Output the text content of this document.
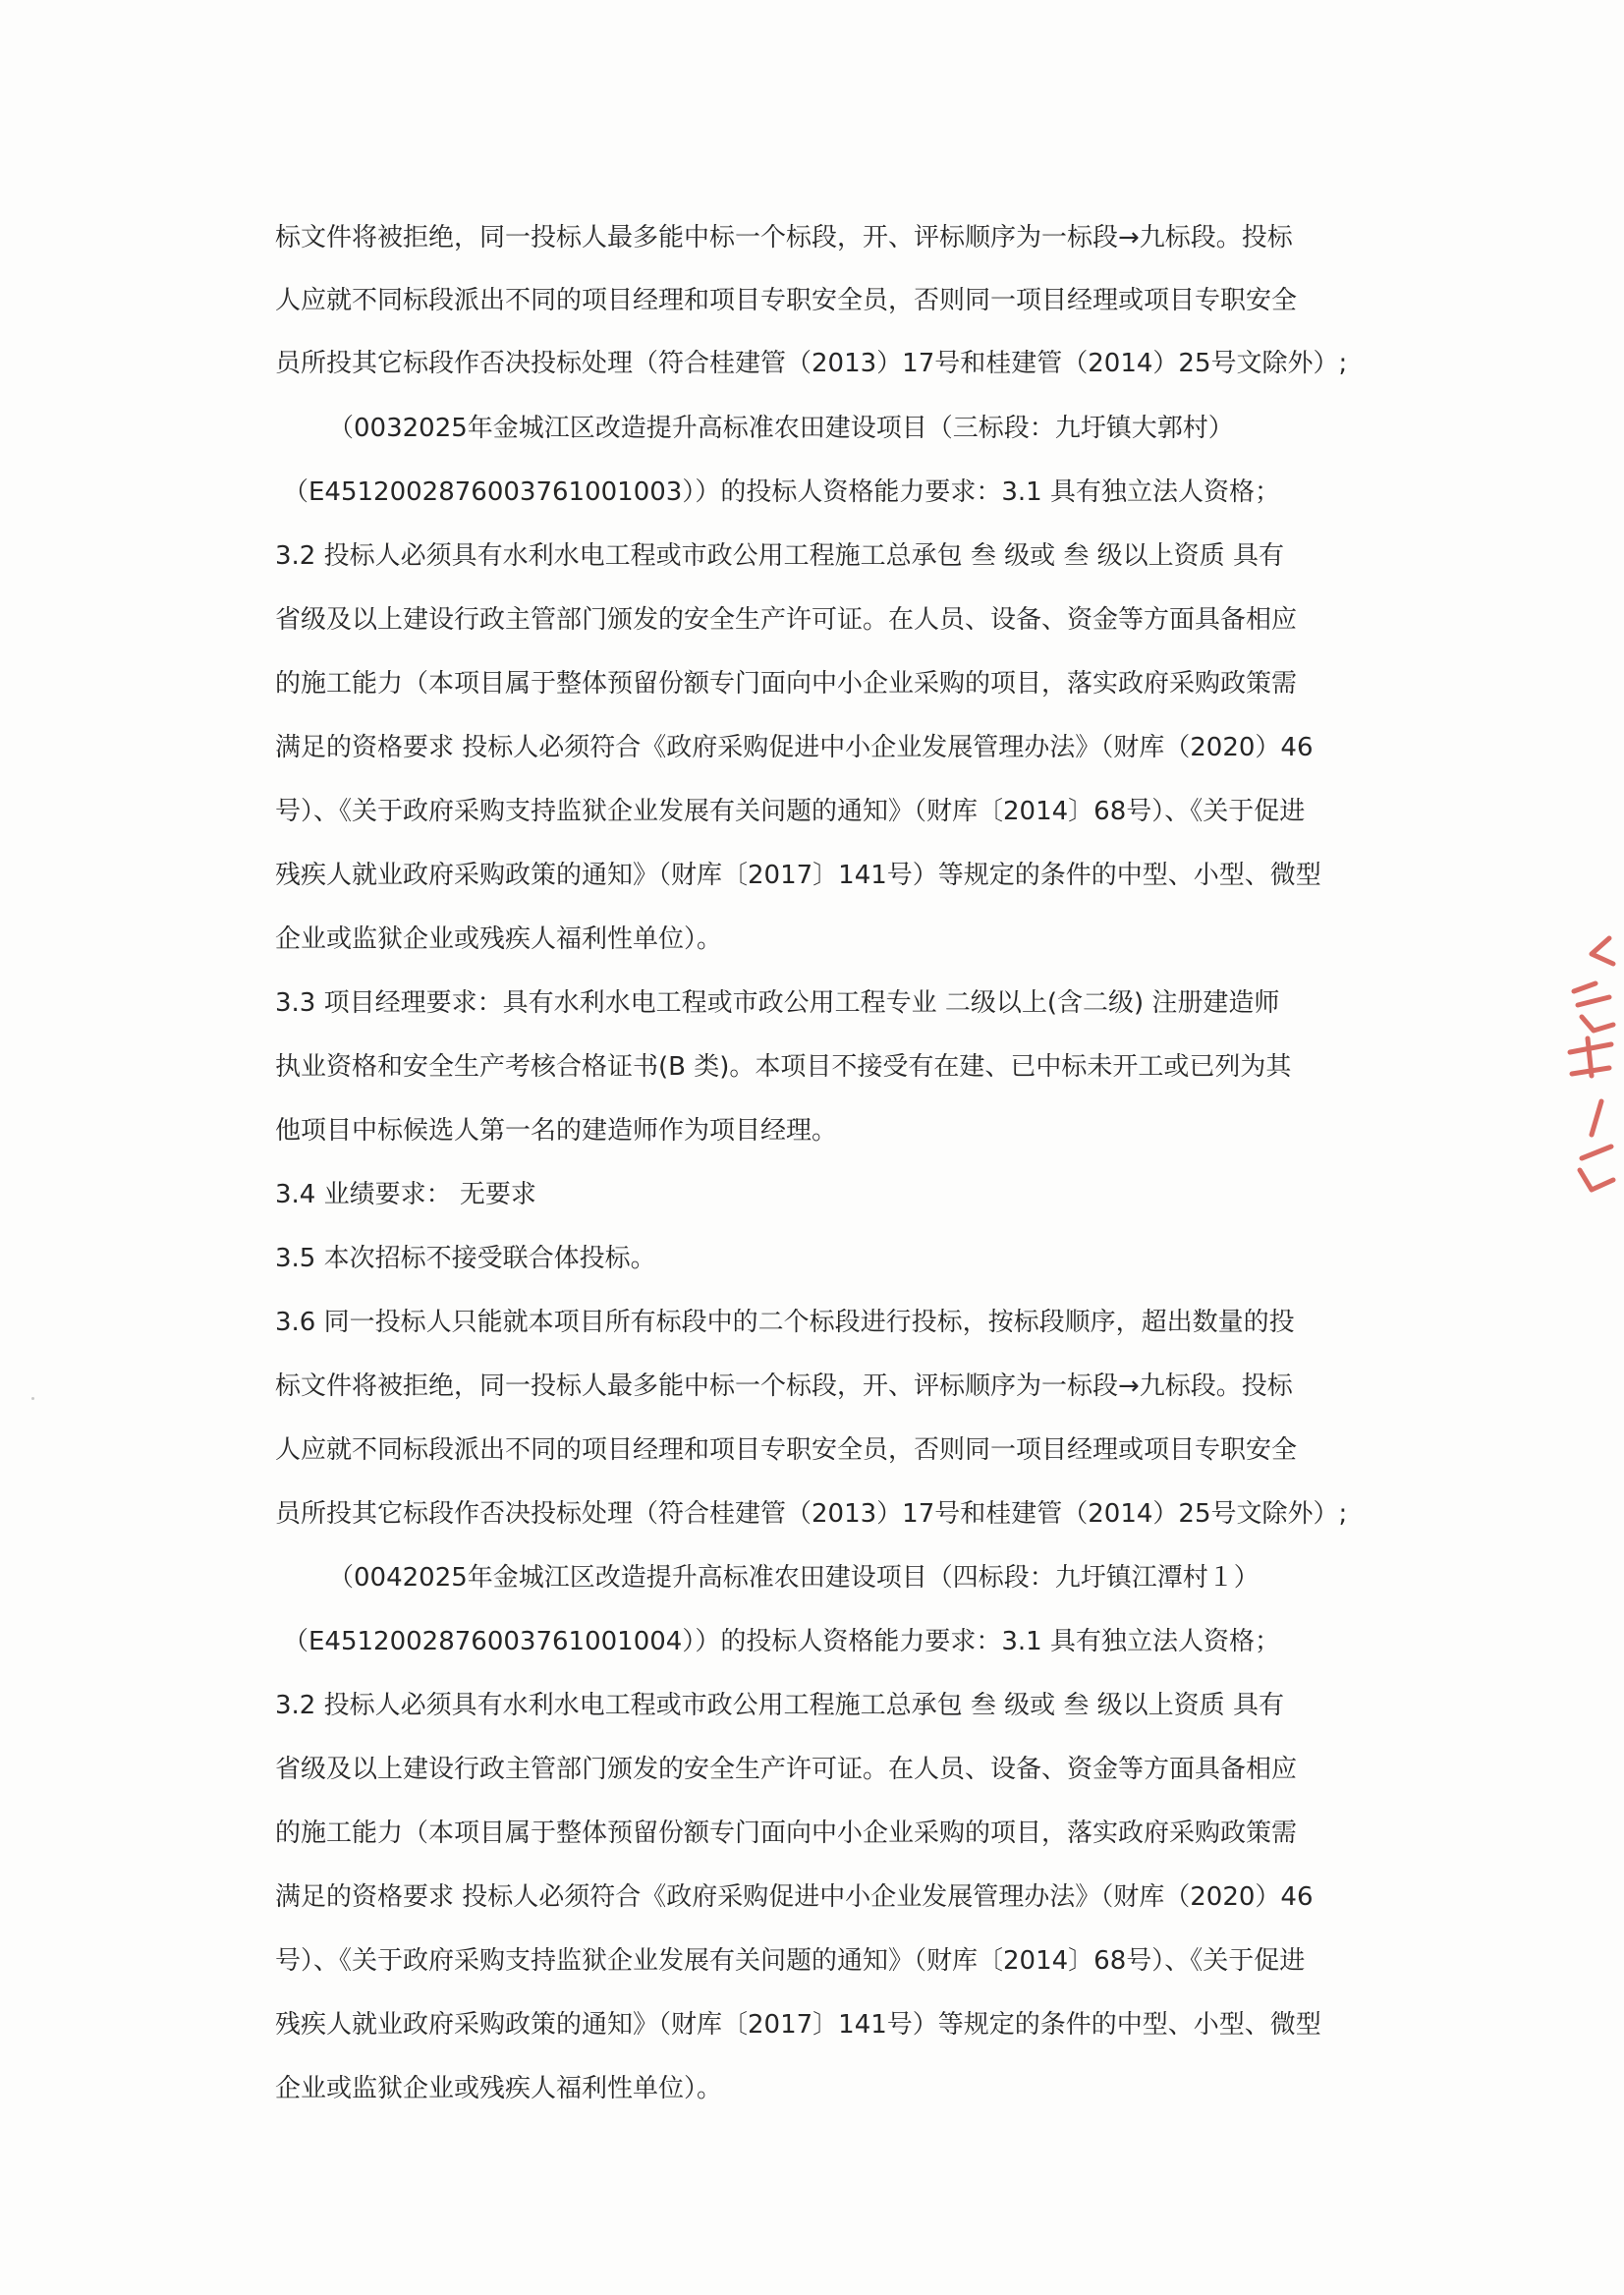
标文件将被拒绝，同一投标人最多能中标一个标段，开、评标顺序为一标段→九标段。投标
人应就不同标段派出不同的项目经理和项目专职安全员，否则同一项目经理或项目专职安全
员所投其它标段作否决投标处理（符合桂建管（2013）17号和桂建管（2014）25号文除外）;
（0032025年金城江区改造提升高标准农田建设项目（三标段：九圩镇大郭村）
（E4512002876003761001003））的投标人资格能力要求：3.1 具有独立法人资格；
3.2 投标人必须具有水利水电工程或市政公用工程施工总承包 叁 级或 叁 级以上资质 具有
省级及以上建设行政主管部门颁发的安全生产许可证。在人员、设备、资金等方面具备相应
的施工能力（本项目属于整体预留份额专门面向中小企业采购的项目，落实政府采购政策需
满足的资格要求 投标人必须符合《政府采购促进中小企业发展管理办法》（财库（2020）46
号）、《关于政府采购支持监狱企业发展有关问题的通知》（财库〔2014〕68号）、《关于促进
残疾人就业政府采购政策的通知》（财库〔2017〕141号）等规定的条件的中型、小型、微型
企业或监狱企业或残疾人福利性单位）。
3.3 项目经理要求：具有水利水电工程或市政公用工程专业 二级以上(含二级) 注册建造师
执业资格和安全生产考核合格证书(B 类)。本项目不接受有在建、已中标未开工或已列为其
他项目中标候选人第一名的建造师作为项目经理。
3.4 业绩要求： 无要求
3.5 本次招标不接受联合体投标。
3.6 同一投标人只能就本项目所有标段中的二个标段进行投标，按标段顺序，超出数量的投
标文件将被拒绝，同一投标人最多能中标一个标段，开、评标顺序为一标段→九标段。投标
人应就不同标段派出不同的项目经理和项目专职安全员，否则同一项目经理或项目专职安全
员所投其它标段作否决投标处理（符合桂建管（2013）17号和桂建管（2014）25号文除外）;
（0042025年金城江区改造提升高标准农田建设项目（四标段：九圩镇江潭村１）
（E4512002876003761001004））的投标人资格能力要求：3.1 具有独立法人资格；
3.2 投标人必须具有水利水电工程或市政公用工程施工总承包 叁 级或 叁 级以上资质 具有
省级及以上建设行政主管部门颁发的安全生产许可证。在人员、设备、资金等方面具备相应
的施工能力（本项目属于整体预留份额专门面向中小企业采购的项目，落实政府采购政策需
满足的资格要求 投标人必须符合《政府采购促进中小企业发展管理办法》（财库（2020）46
号）、《关于政府采购支持监狱企业发展有关问题的通知》（财库〔2014〕68号）、《关于促进
残疾人就业政府采购政策的通知》（财库〔2017〕141号）等规定的条件的中型、小型、微型
企业或监狱企业或残疾人福利性单位）。
